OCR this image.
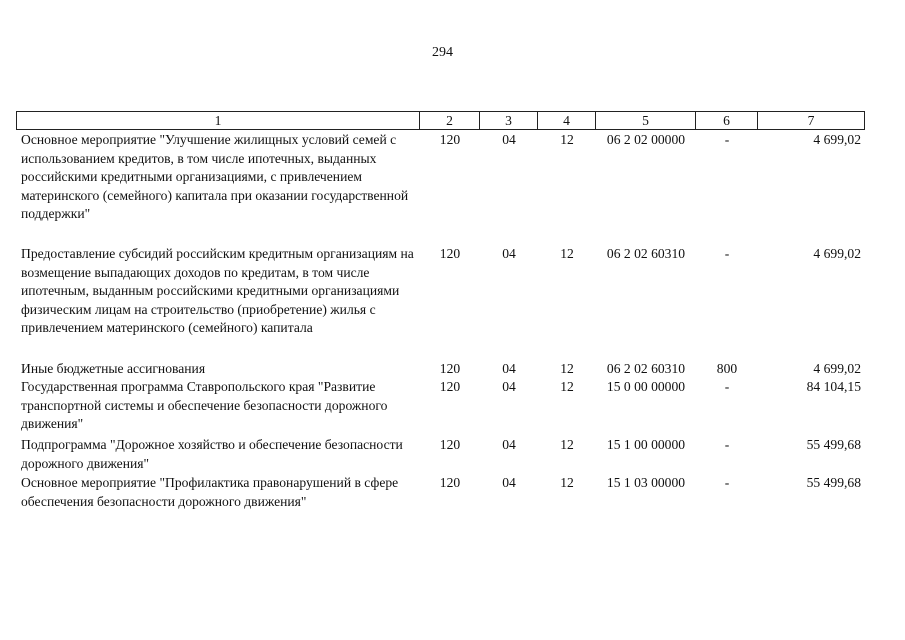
294
1	2	3	4	5	6	7
Основное мероприятие "Улучшение жилищных условий семей с использованием кредитов, в том числе ипотечных, выданных российскими кредитными организациями, с привлечением материнского (семейного) капитала при оказании государственной поддержки"
120	04	12	06 2 02 00000	-	4 699,02
Предоставление субсидий российским кредитным организациям на возмещение выпадающих доходов по кредитам, в том числе ипотечным, выданным российскими кредитными организациями физическим лицам на строительство (приобретение) жилья с привлечением материнского (семейного) капитала
120	04	12	06 2 02 60310	-	4 699,02
Иные бюджетные ассигнования	120	04	12	06 2 02 60310	800	4 699,02
Государственная программа Ставропольского края "Развитие транспортной системы и обеспечение безопасности дорожного движения"
120	04	12	15 0 00 00000	-	84 104,15
Подпрограмма "Дорожное хозяйство и обеспечение безопасности дорожного движения"
120	04	12	15 1 00 00000	-	55 499,68
Основное мероприятие "Профилактика правонарушений в сфере обеспечения безопасности дорожного движения"
120	04	12	15 1 03 00000	-	55 499,68
